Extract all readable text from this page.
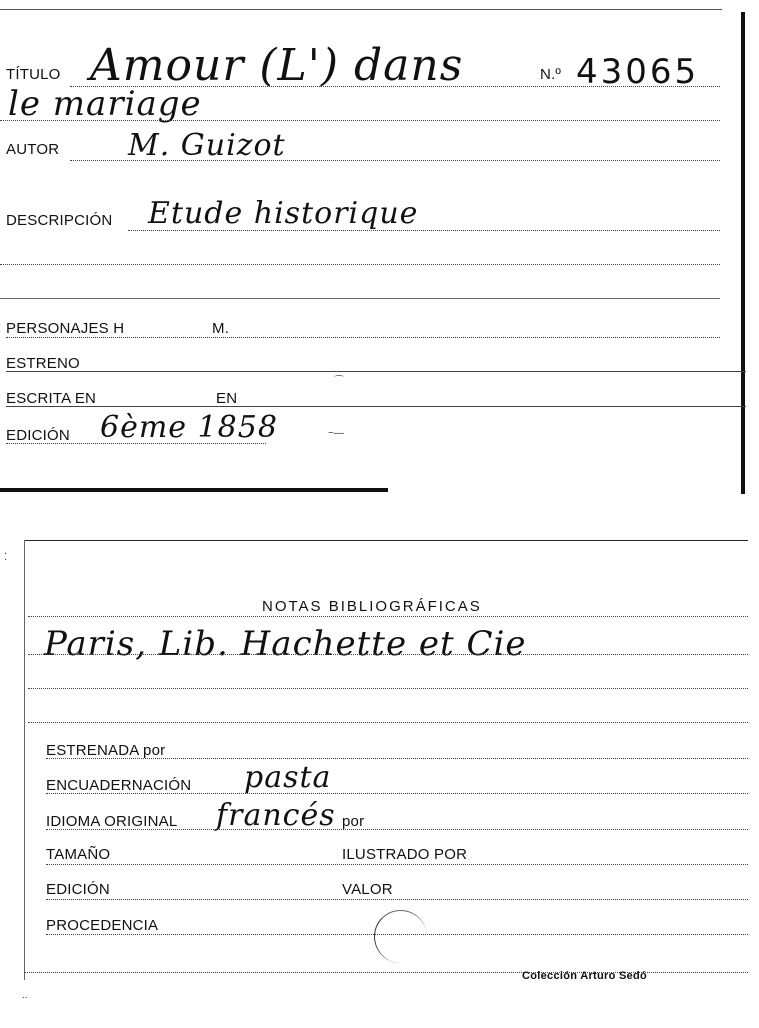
TÍTULO Amour (L') dans	N.º 43065
le mariage
AUTOR M. Guizot
DESCRIPCIÓN Etude historique
PERSONAJES H	M.
ESTRENO
ESCRITA EN	EN
EDICIÓN 6ème 1858	~—
⌒
⁚
..
NOTAS BIBLIOGRÁFICAS
Paris, Lib. Hachette et Cie
ESTRENADA por
ENCUADERNACIÓN pasta
IDIOMA ORIGINAL francés por
TAMAÑO	ILUSTRADO POR
EDICIÓN	VALOR
PROCEDENCIA
Colección Arturo Sedó
